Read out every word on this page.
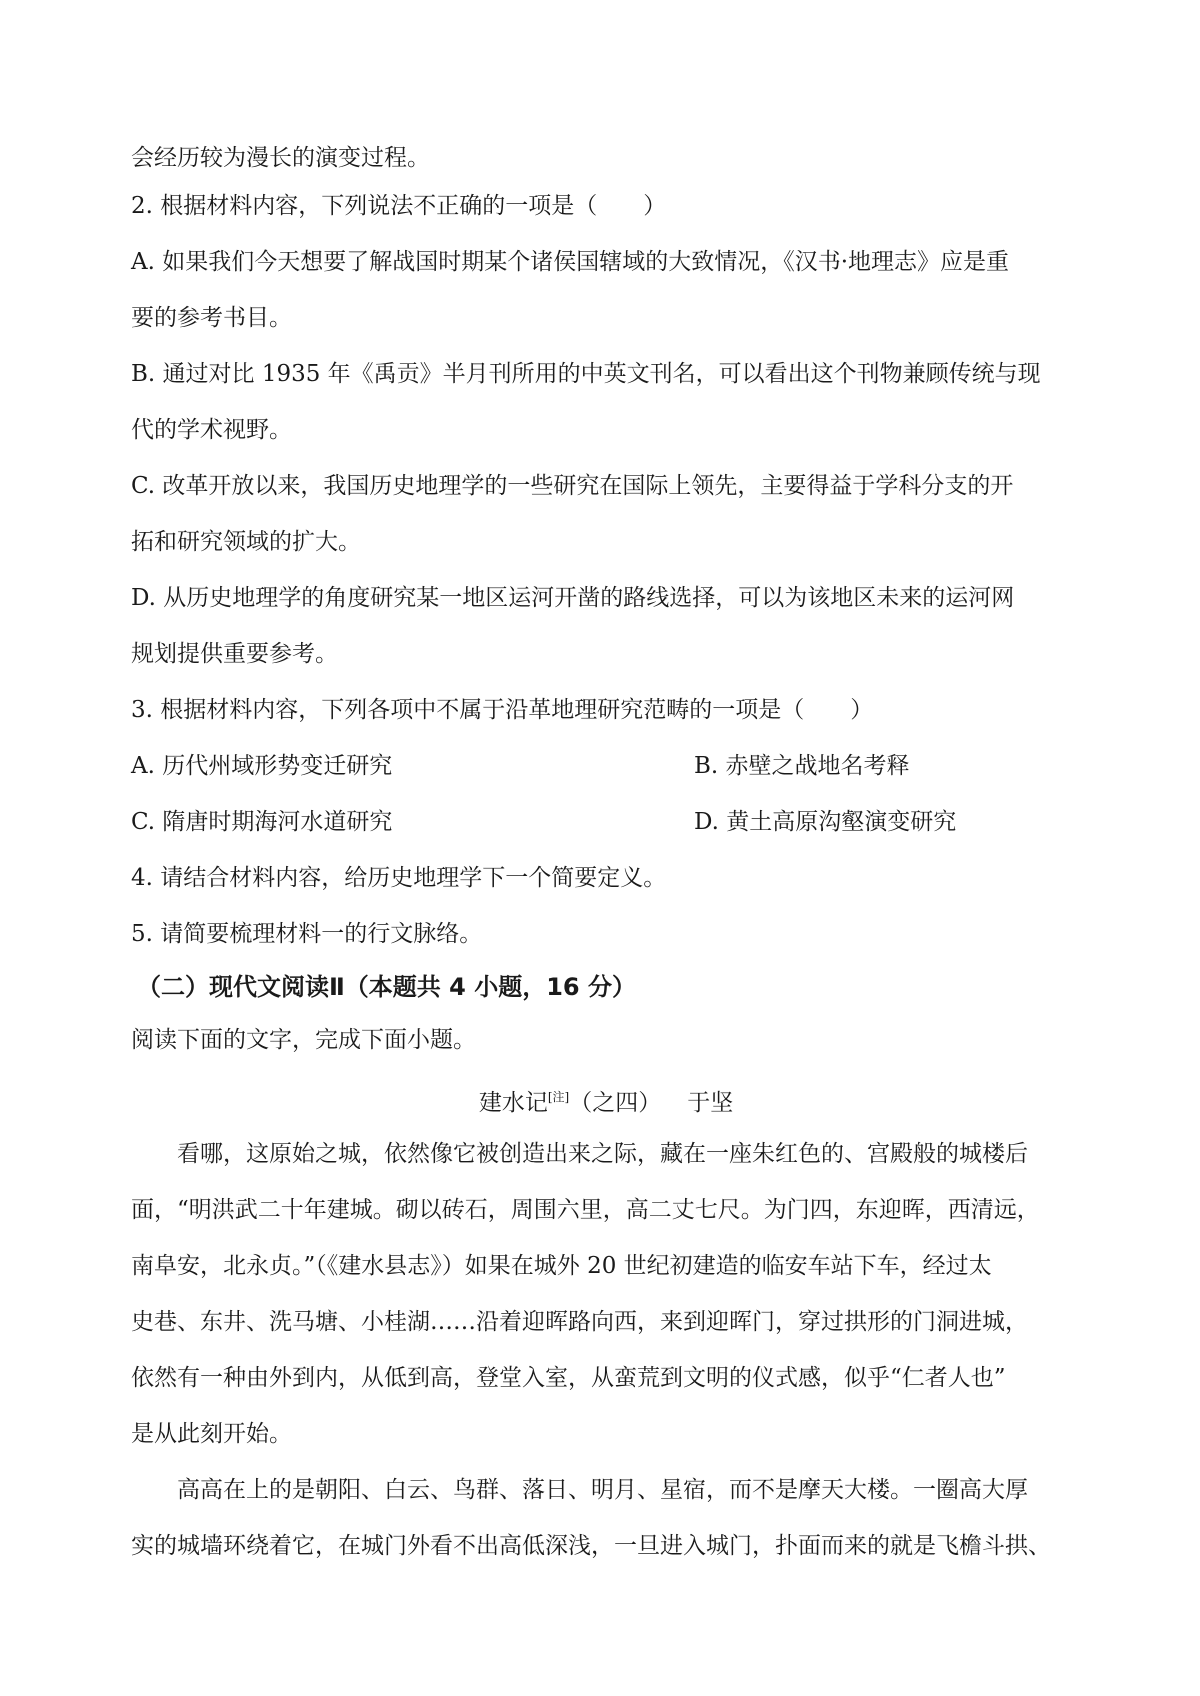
会经历较为漫长的演变过程。
2. 根据材料内容，下列说法不正确的一项是（　　）
A. 如果我们今天想要了解战国时期某个诸侯国辖域的大致情况，《汉书·地理志》应是重
要的参考书目。
B. 通过对比 1935 年《禹贡》半月刊所用的中英文刊名，可以看出这个刊物兼顾传统与现
代的学术视野。
C. 改革开放以来，我国历史地理学的一些研究在国际上领先，主要得益于学科分支的开
拓和研究领域的扩大。
D. 从历史地理学的角度研究某一地区运河开凿的路线选择，可以为该地区未来的运河网
规划提供重要参考。
3. 根据材料内容，下列各项中不属于沿革地理研究范畴的一项是（　　）
A. 历代州域形势变迁研究	B. 赤壁之战地名考释
C. 隋唐时期海河水道研究	D. 黄土高原沟壑演变研究
4. 请结合材料内容，给历史地理学下一个简要定义。
5. 请简要梳理材料一的行文脉络。
（二）现代文阅读Ⅱ（本题共 4 小题，16 分）
阅读下面的文字，完成下面小题。
建水记[注]（之四） 于坚
看哪，这原始之城，依然像它被创造出来之际，藏在一座朱红色的、宫殿般的城楼后
面，“明洪武二十年建城。砌以砖石，周围六里，高二丈七尺。为门四，东迎晖，西清远，
南阜安，北永贞。”（《建水县志》）如果在城外 20 世纪初建造的临安车站下车，经过太
史巷、东井、洗马塘、小桂湖……沿着迎晖路向西，来到迎晖门，穿过拱形的门洞进城，
依然有一种由外到内，从低到高，登堂入室，从蛮荒到文明的仪式感，似乎“仁者人也”
是从此刻开始。
高高在上的是朝阳、白云、鸟群、落日、明月、星宿，而不是摩天大楼。一圈高大厚
实的城墙环绕着它，在城门外看不出高低深浅，一旦进入城门，扑面而来的就是飞檐斗拱、
